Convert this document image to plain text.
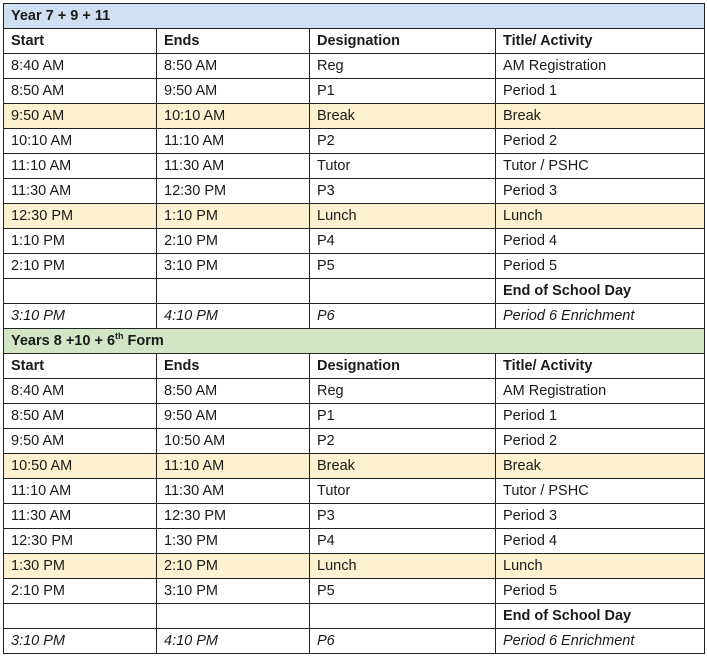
Year 7 + 9 + 11			
Start	Ends	Designation	Title/ Activity
8:40 AM	8:50 AM	Reg	AM Registration
8:50 AM	9:50 AM	P1	Period 1
9:50 AM	10:10 AM	Break	Break
10:10 AM	11:10 AM	P2	Period 2
11:10 AM	11:30 AM	Tutor	Tutor / PSHC
11:30 AM	12:30 PM	P3	Period 3
12:30 PM	1:10 PM	Lunch	Lunch
1:10 PM	2:10 PM	P4	Period 4
2:10 PM	3:10 PM	P5	Period 5
			End of School Day
3:10 PM	4:10 PM	P6	Period 6 Enrichment
Years 8 +10 + 6th Form			
Start	Ends	Designation	Title/ Activity
8:40 AM	8:50 AM	Reg	AM Registration
8:50 AM	9:50 AM	P1	Period 1
9:50 AM	10:50 AM	P2	Period 2
10:50 AM	11:10 AM	Break	Break
11:10 AM	11:30 AM	Tutor	Tutor / PSHC
11:30 AM	12:30 PM	P3	Period 3
12:30 PM	1:30 PM	P4	Period 4
1:30 PM	2:10 PM	Lunch	Lunch
2:10 PM	3:10 PM	P5	Period 5
			End of School Day
3:10 PM	4:10 PM	P6	Period 6 Enrichment
